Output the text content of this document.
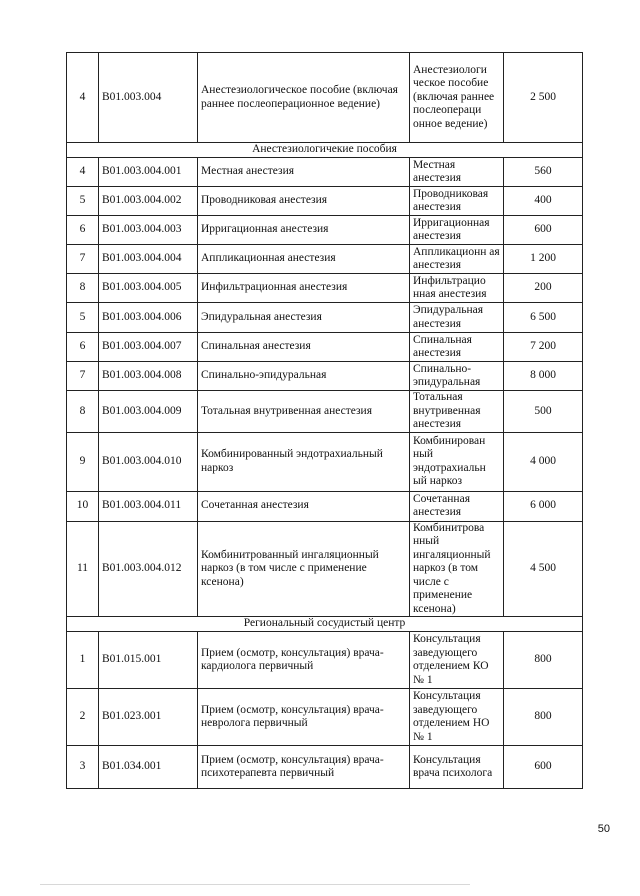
4	B01.003.004	Анестезиологическое пособие (включая раннее послеоперационное ведение)	Анестезиологи ческое пособие (включая раннее послеопераци онное ведение)	2 500
Анестезиологичекие пособия				
4	B01.003.004.001	Местная анестезия	Местная анестезия	560
5	B01.003.004.002	Проводниковая анестезия	Проводниковая анестезия	400
6	B01.003.004.003	Ирригационная анестезия	Ирригационная анестезия	600
7	B01.003.004.004	Аппликационная анестезия	Аппликационн ая анестезия	1 200
8	B01.003.004.005	Инфильтрационная анестезия	Инфильтрацио нная анестезия	200
5	B01.003.004.006	Эпидуральная анестезия	Эпидуральная анестезия	6 500
6	B01.003.004.007	Спинальная анестезия	Спинальная анестезия	7 200
7	B01.003.004.008	Спинально-эпидуральная	Спинально- эпидуральная	8 000
8	B01.003.004.009	Тотальная внутривенная анестезия	Тотальная внутривенная анестезия	500
9	B01.003.004.010	Комбинированный эндотрахиальный наркоз	Комбинирован ный эндотрахиальн ый наркоз	4 000
10	B01.003.004.011	Сочетанная анестезия	Сочетанная анестезия	6 000
11	B01.003.004.012	Комбинитрованный ингаляционный наркоз (в том числе с применение ксенона)	Комбинитрова нный ингаляционный наркоз (в том числе с применение ксенона)	4 500
Региональный сосудистый центр				
1	B01.015.001	Прием (осмотр, консультация) врача-кардиолога первичный	Консультация заведующего отделением КО № 1	800
2	B01.023.001	Прием (осмотр, консультация) врача-невролога первичный	Консультация заведующего отделением НО № 1	800
3	B01.034.001	Прием (осмотр, консультация) врача-психотерапевта первичный	Консультация врача психолога	600
50
